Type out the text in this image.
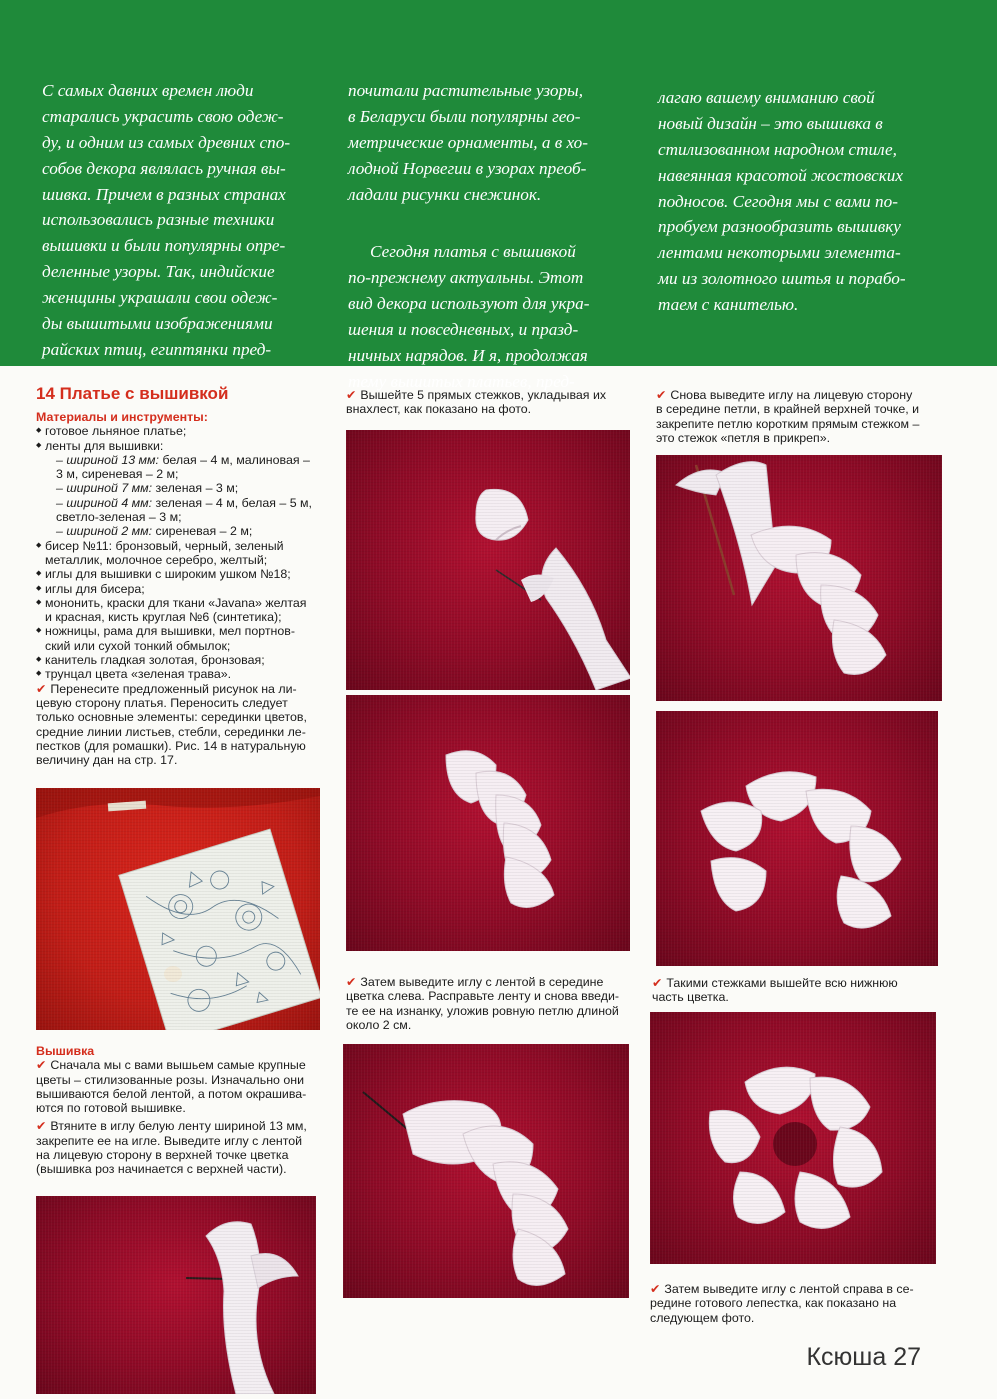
С самых давних времен люди
старались украсить свою одеж-
ду, и одним из самых древних спо-
собов декора являлась ручная вы-
шивка. Причем в разных странах
использовались разные техники
вышивки и были популярны опре-
деленные узоры. Так, индийские
женщины украшали свои одеж-
ды вышитыми изображениями
райских птиц, египтянки пред-

почитали растительные узоры,
в Беларуси были популярны гео-
метрические орнаменты, а в хо-
лодной Норвегии в узорах преоб-
ладали рисунки снежинок.

Сегодня платья с вышивкой
по-прежнему актуальны. Этот
вид декора используют для укра-
шения и повседневных, и празд-
ничных нарядов. И я, продолжая
тему вышитых платьев, пред-

лагаю вашему вниманию свой
новый дизайн – это вышивка в
стилизованном народном стиле,
навеянная красотой жостовских
подносов. Сегодня мы с вами по-
пробуем разнообразить вышивку
лентами некоторыми элемента-
ми из золотного шитья и порабо-
таем с канителью.

14 Платье с вышивкой

Материалы и инструменты:

◆ готовое льняное платье;
◆ ленты для вышивки:
– шириной 13 мм: белая – 4 м, малиновая –
3 м, сиреневая – 2 м;
– шириной 7 мм: зеленая – 3 м;
– шириной 4 мм: зеленая – 4 м, белая – 5 м,
светло-зеленая – 3 м;
– шириной 2 мм: сиреневая – 2 м;
◆ бисер №11: бронзовый, черный, зеленый
металлик, молочное серебро, желтый;
◆ иглы для вышивки с широким ушком №18;
◆ иглы для бисера;
◆ мононить, краски для ткани «Javana» желтая
и красная, кисть круглая №6 (синтетика);
◆ ножницы, рама для вышивки, мел портнов-
ский или сухой тонкий обмылок;
◆ канитель гладкая золотая, бронзовая;
◆ трунцал цвета «зеленая трава».

✔ Перенесите предложенный рисунок на ли-
цевую сторону платья. Переносить следует
только основные элементы: серединки цветов,
средние линии листьев, стебли, серединки ле-
пестков (для ромашки). Рис. 14 в натуральную
величину дан на стр. 17.

Вышивка

✔ Сначала мы с вами вышьем самые крупные
цветы – стилизованные розы. Изначально они
вышиваются белой лентой, а потом окрашива-
ются по готовой вышивке.

✔ Втяните в иглу белую ленту шириной 13 мм,
закрепите ее на игле. Выведите иглу с лентой
на лицевую сторону в верхней точке цветка
(вышивка роз начинается с верхней части).

✔ Вышейте 5 прямых стежков, укладывая их
внахлест, как показано на фото.

✔ Затем выведите иглу с лентой в середине
цветка слева. Расправьте ленту и снова введи-
те ее на изнанку, уложив ровную петлю длиной
около 2 см.

✔ Снова выведите иглу на лицевую сторону
в середине петли, в крайней верхней точке, и
закрепите петлю коротким прямым стежком –
это стежок «петля в прикреп».

✔ Такими стежками вышейте всю нижнюю
часть цветка.

✔ Затем выведите иглу с лентой справа в се-
редине готового лепестка, как показано на
следующем фото.

Ксюша 27
